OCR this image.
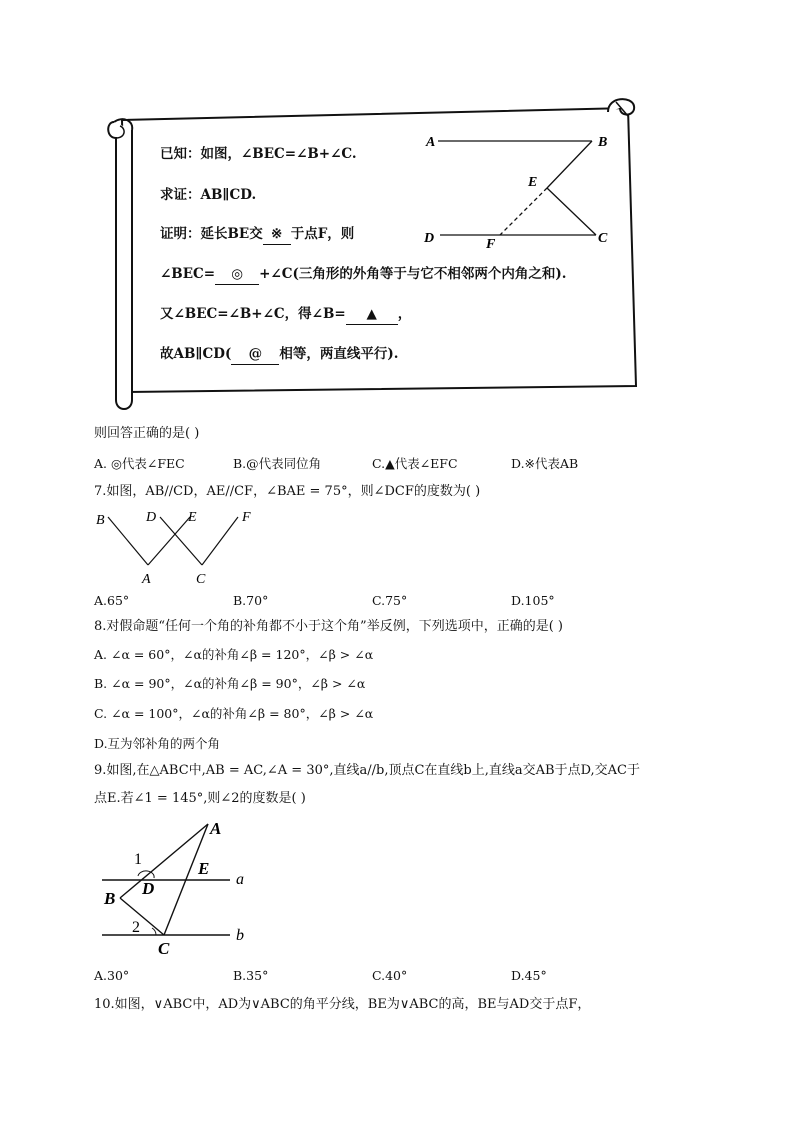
已知：如图，∠BEC=∠B+∠C.
求证：AB∥CD.
证明：延长BE交 ※ 于点F，则
∠BEC= ◎ +∠C(三角形的外角等于与它不相邻两个内角之和).
又∠BEC=∠B+∠C，得∠B= ▲ ，
故AB∥CD( @ 相等，两直线平行).
A	B
E
D	F	C
则回答正确的是( )
A. ◎代表∠FEC	B.@代表同位角	C.▲代表∠EFC	D.※代表AB
7.如图，AB//CD，AE//CF，∠BAE = 75°，则∠DCF的度数为( )
B	D E	F
A	C
A.65°	B.70°	C.75°	D.105°
8.对假命题“任何一个角的补角都不小于这个角”举反例，下列选项中，正确的是( )
A. ∠α = 60°，∠α的补角∠β = 120°，∠β > ∠α
B. ∠α = 90°，∠α的补角∠β = 90°，∠β > ∠α
C. ∠α = 100°，∠α的补角∠β = 80°，∠β > ∠α
D.互为邻补角的两个角
9.如图,在△ABC中,AB = AC,∠A = 30°,直线a//b,顶点C在直线b上,直线a交AB于点D,交AC于
点E.若∠1 = 145°,则∠2的度数是( )
A
1	E
a
D
B
2	b
C
A.30°	B.35°	C.40°	D.45°
10.如图，∨ABC中，AD为∨ABC的角平分线，BE为∨ABC的高，BE与AD交于点F，
